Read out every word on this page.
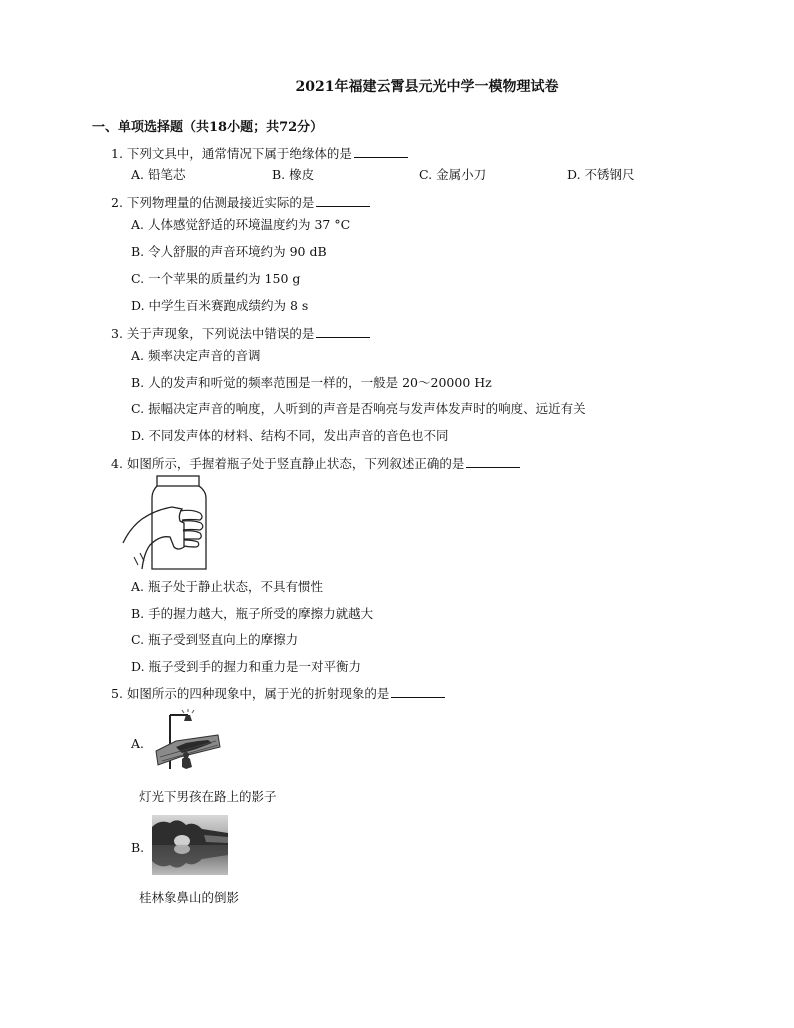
2021年福建云霄县元光中学一模物理试卷
一、单项选择题（共18小题；共72分）
1. 下列文具中，通常情况下属于绝缘体的是
A. 铅笔芯	B. 橡皮	C. 金属小刀	D. 不锈钢尺
2. 下列物理量的估测最接近实际的是
A. 人体感觉舒适的环境温度约为 37 °C
B. 令人舒服的声音环境约为 90 dB
C. 一个苹果的质量约为 150 g
D. 中学生百米赛跑成绩约为 8 s
3. 关于声现象，下列说法中错误的是
A. 频率决定声音的音调
B. 人的发声和听觉的频率范围是一样的，一般是 20～20000 Hz
C. 振幅决定声音的响度，人听到的声音是否响亮与发声体发声时的响度、远近有关
D. 不同发声体的材料、结构不同，发出声音的音色也不同
4. 如图所示，手握着瓶子处于竖直静止状态，下列叙述正确的是
A. 瓶子处于静止状态，不具有惯性
B. 手的握力越大，瓶子所受的摩擦力就越大
C. 瓶子受到竖直向上的摩擦力
D. 瓶子受到手的握力和重力是一对平衡力
5. 如图所示的四种现象中，属于光的折射现象的是
A.
灯光下男孩在路上的影子
B.
桂林象鼻山的倒影
